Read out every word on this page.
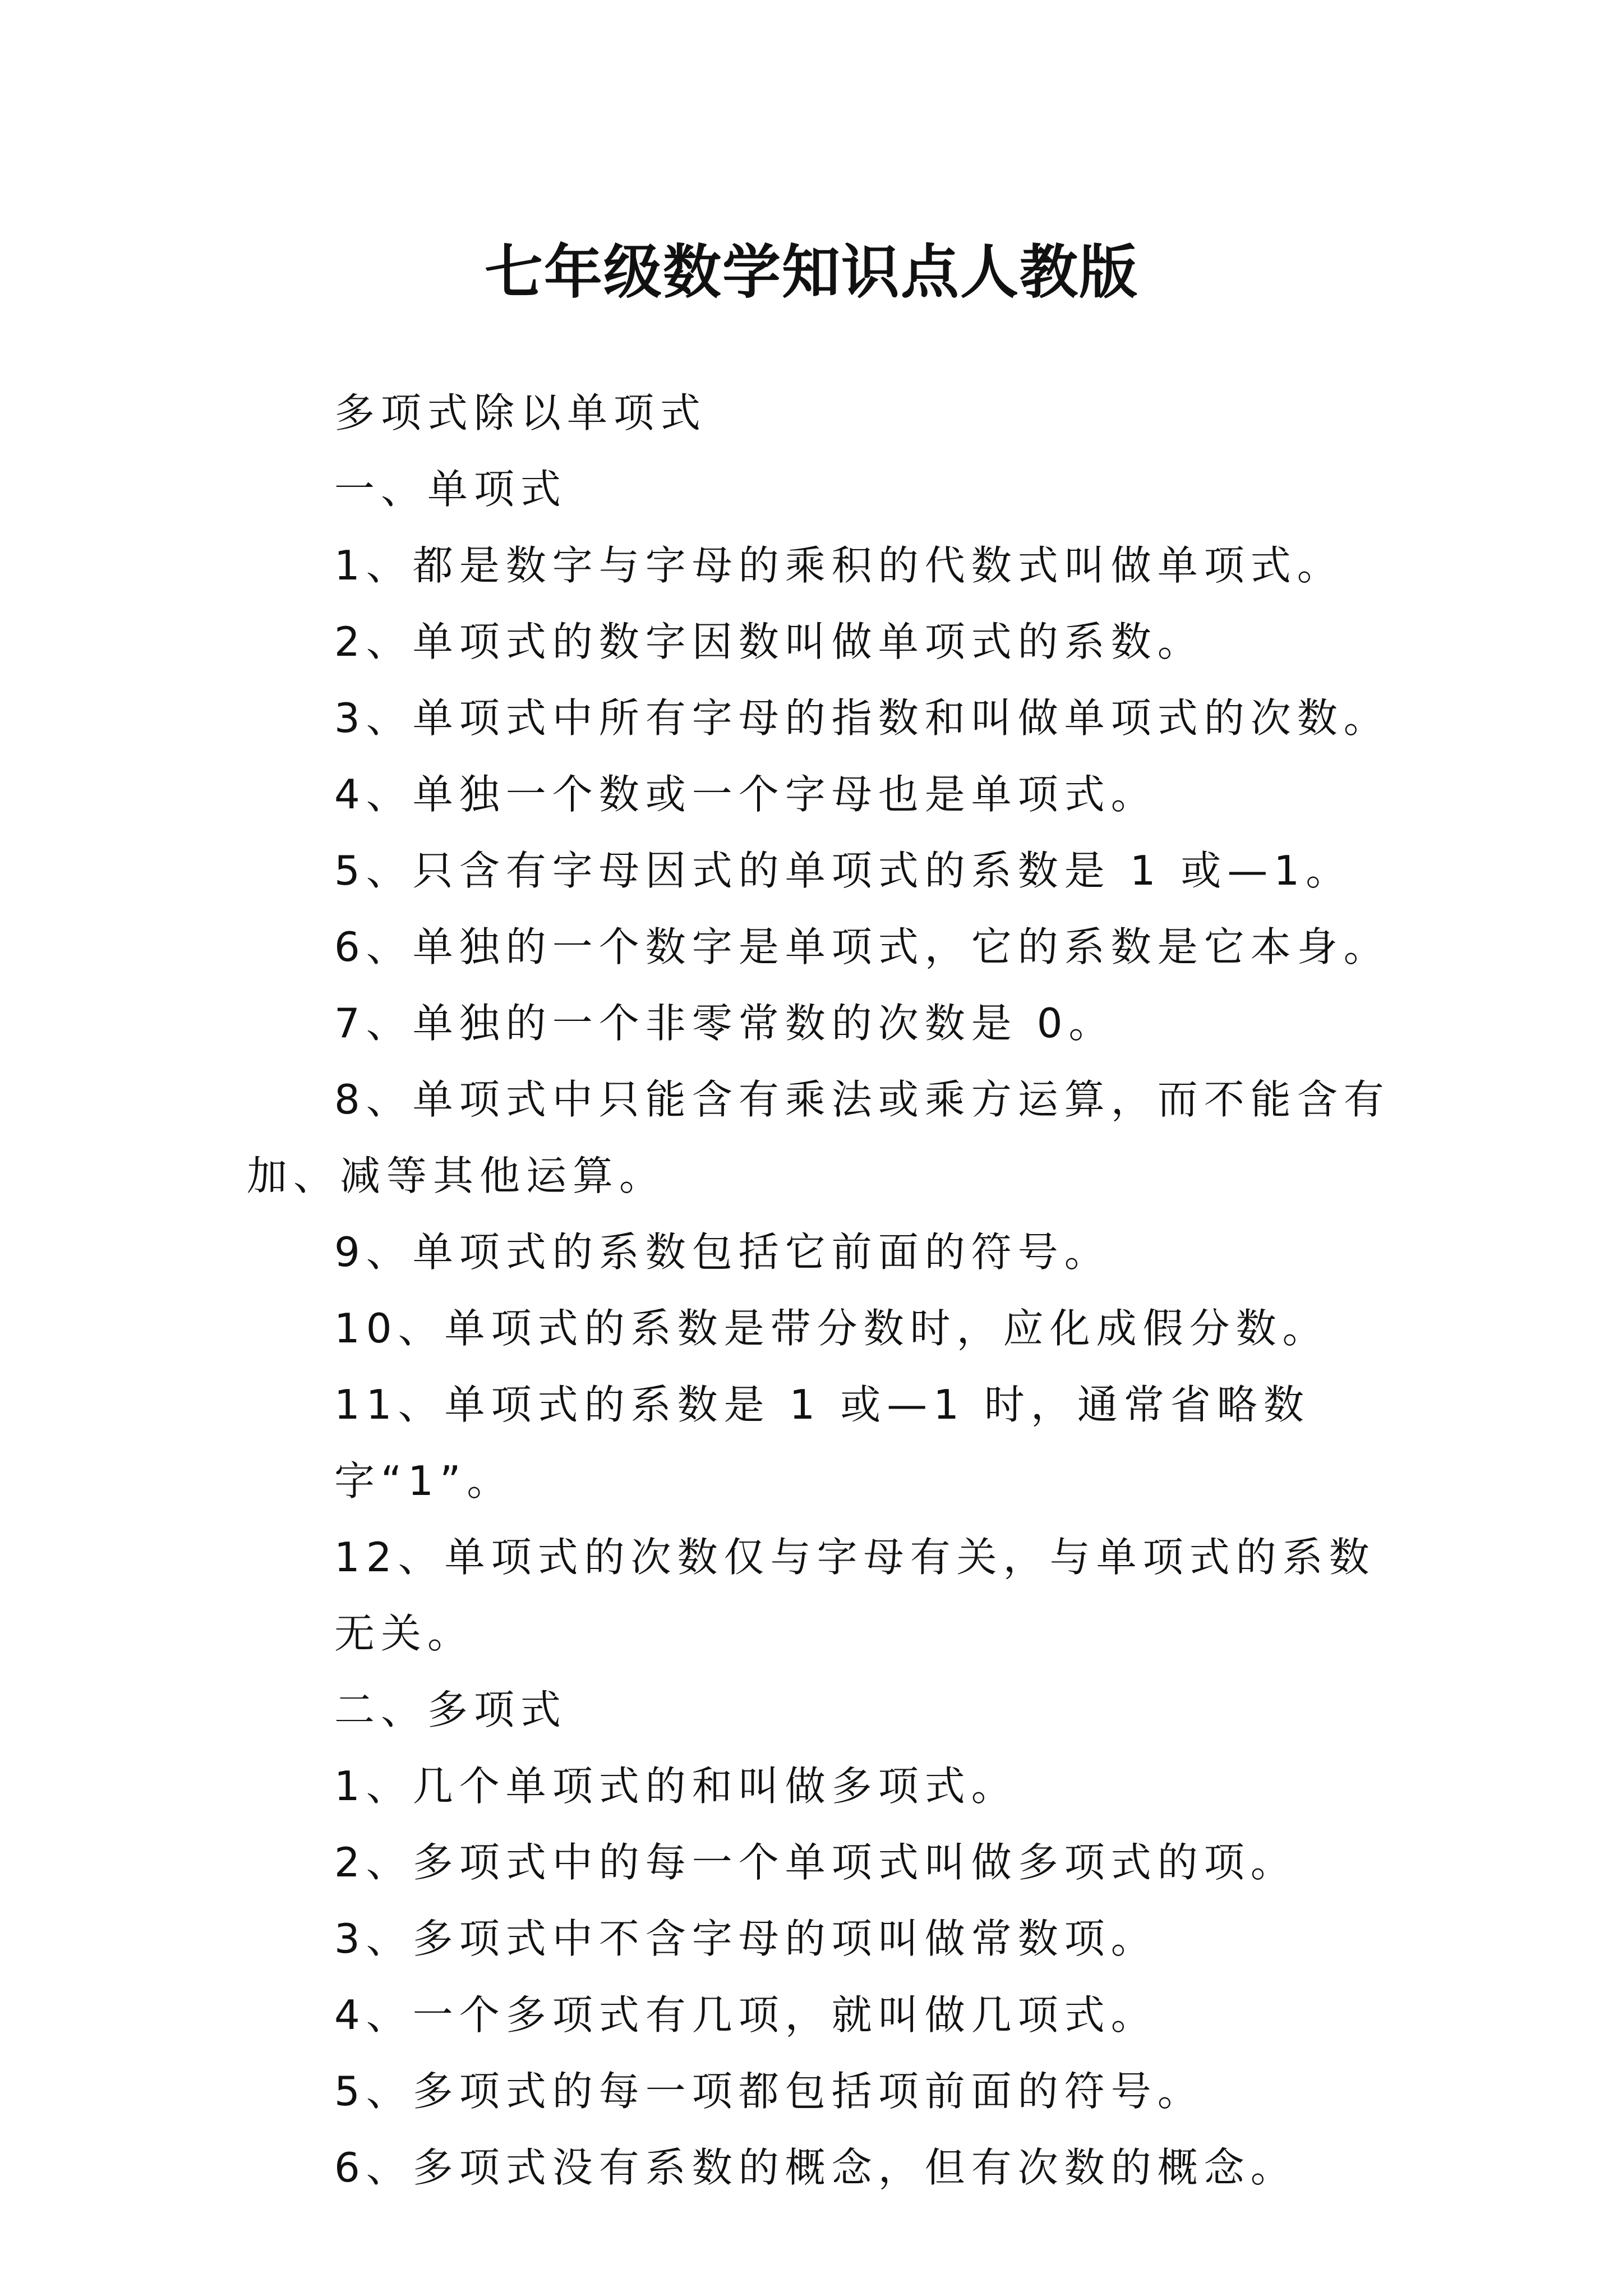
七年级数学知识点人教版

多项式除以单项式

一、单项式

1、都是数字与字母的乘积的代数式叫做单项式。

2、单项式的数字因数叫做单项式的系数。

3、单项式中所有字母的指数和叫做单项式的次数。

4、单独一个数或一个字母也是单项式。

5、只含有字母因式的单项式的系数是 1 或—1。

6、单独的一个数字是单项式，它的系数是它本身。

7、单独的一个非零常数的次数是 0。

8、单项式中只能含有乘法或乘方运算，而不能含有加、减等其他运算。

9、单项式的系数包括它前面的符号。

10、单项式的系数是带分数时，应化成假分数。

11、单项式的系数是 1 或—1 时，通常省略数字“1”。

12、单项式的次数仅与字母有关，与单项式的系数无关。

二、多项式

1、几个单项式的和叫做多项式。

2、多项式中的每一个单项式叫做多项式的项。

3、多项式中不含字母的项叫做常数项。

4、一个多项式有几项，就叫做几项式。

5、多项式的每一项都包括项前面的符号。

6、多项式没有系数的概念，但有次数的概念。
